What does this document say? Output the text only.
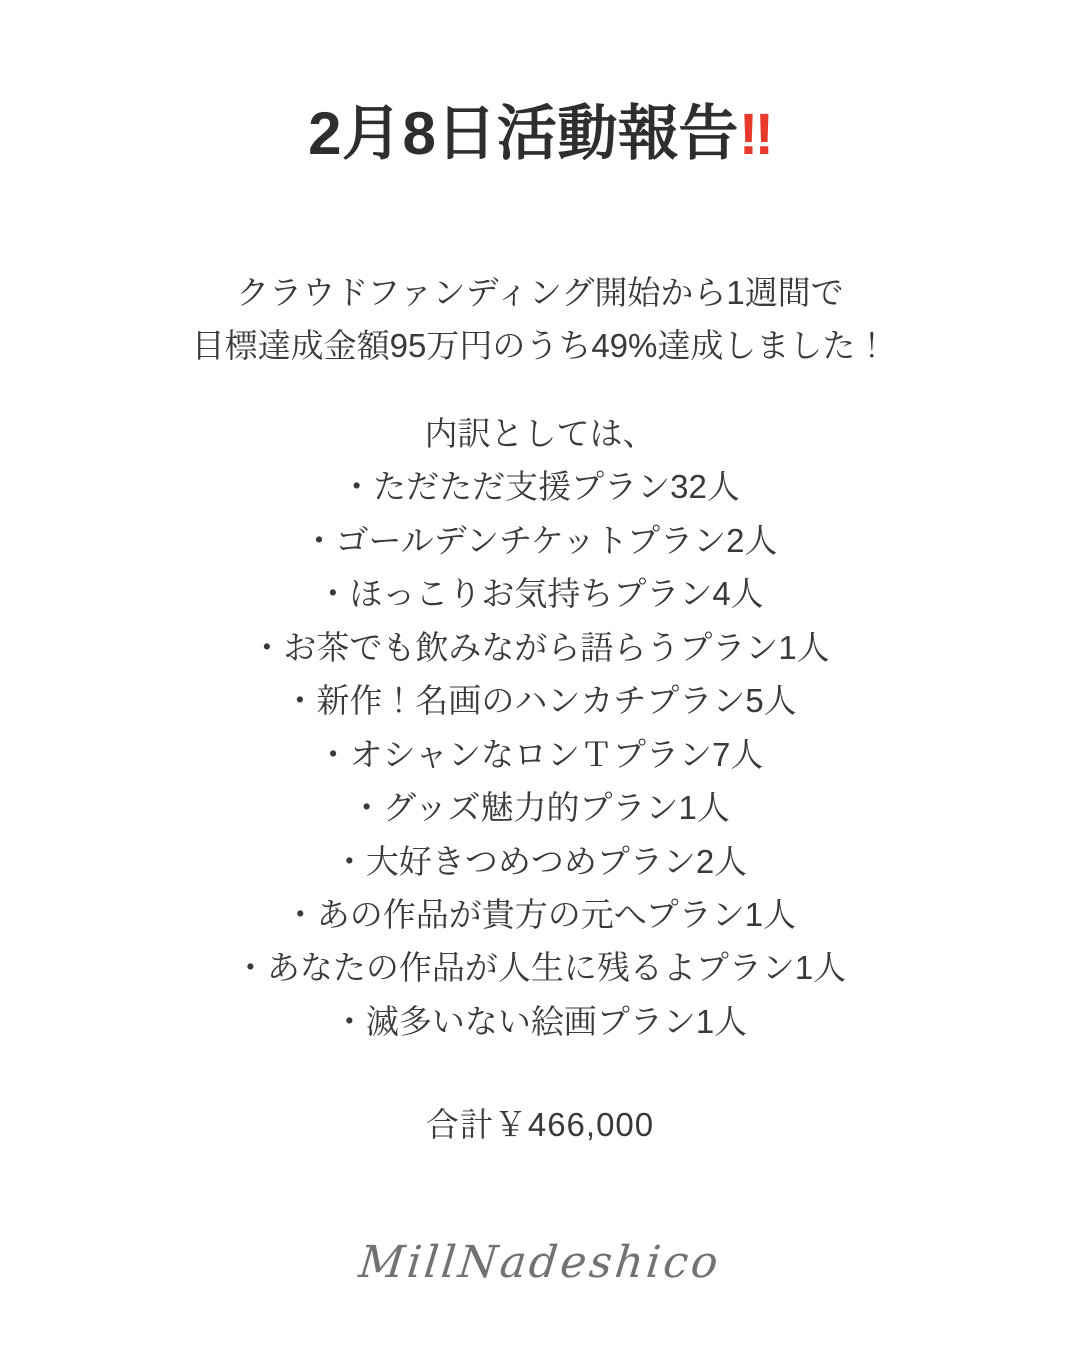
2月8日活動報告‼
クラウドファンディング開始から1週間で
目標達成金額95万円のうち49%達成しました！
内訳としては、
・ただただ支援プラン32人
・ゴールデンチケットプラン2人
・ほっこりお気持ちプラン4人
・お茶でも飲みながら語らうプラン1人
・新作！名画のハンカチプラン5人
・オシャンなロンＴプラン7人
・グッズ魅力的プラン1人
・大好きつめつめプラン2人
・あの作品が貴方の元へプラン1人
・あなたの作品が人生に残るよプラン1人
・滅多いない絵画プラン1人
合計￥466,000
MillNadeshico
